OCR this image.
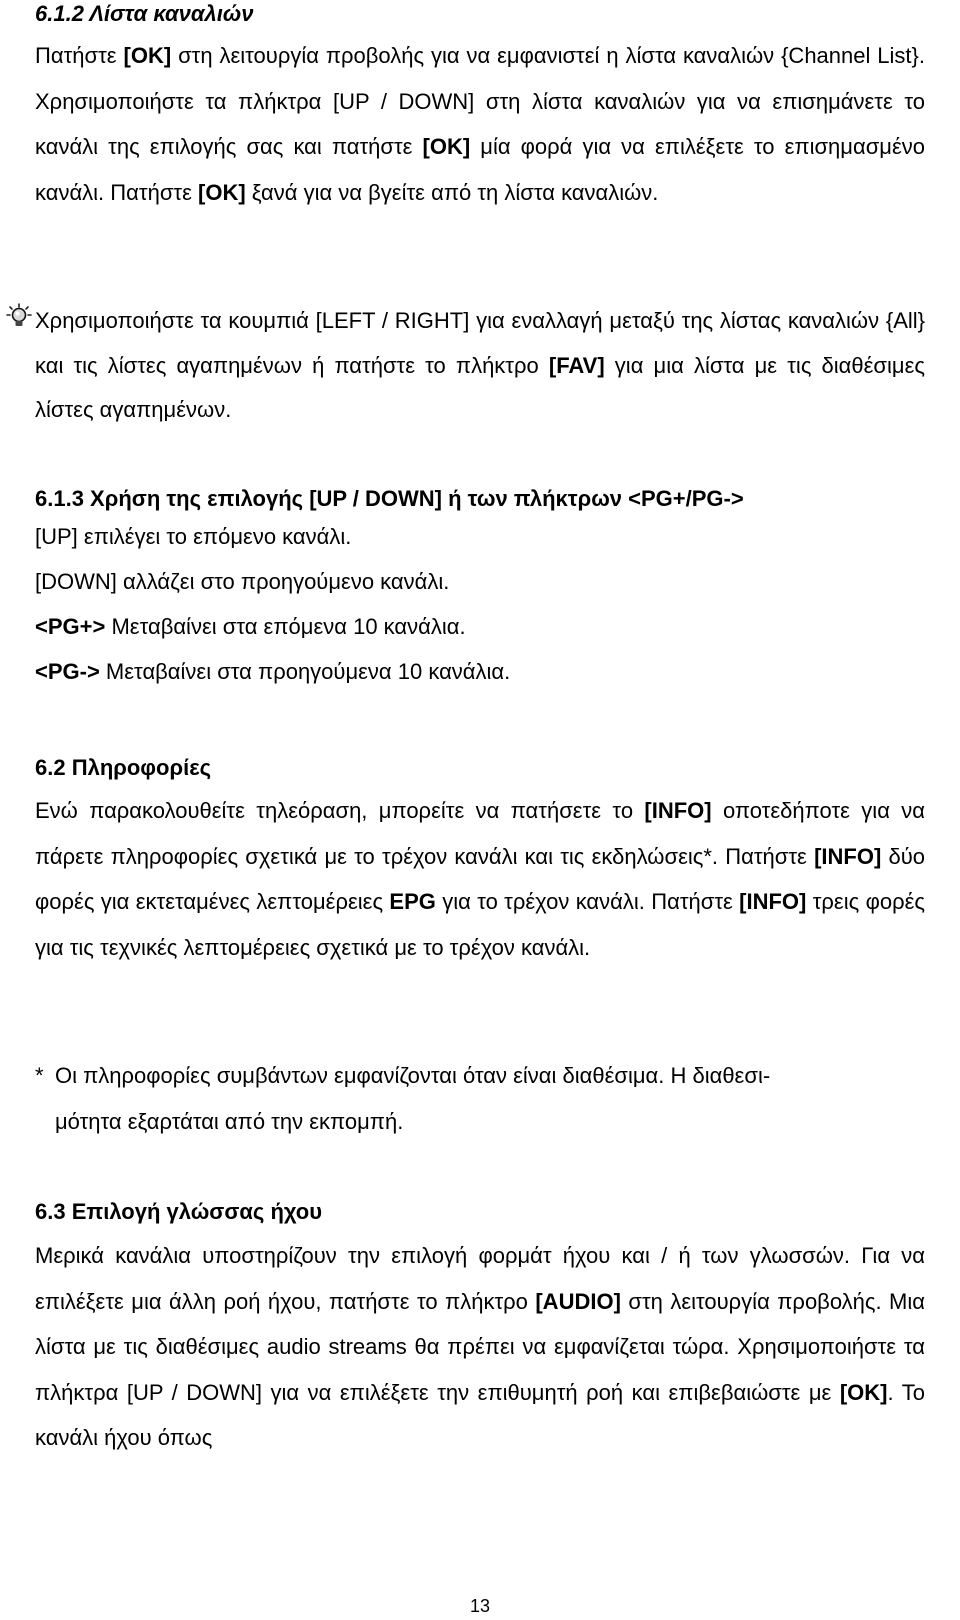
6.1.2 Λίστα καναλιών
Πατήστε [OK] στη λειτουργία προβολής για να εμφανιστεί η λίστα καναλιών {Channel List}. Χρησιμοποιήστε τα πλήκτρα [UP / DOWN] στη λίστα καναλιών για να επισημάνετε το κανάλι της επιλογής σας και πατήστε [OK] μία φορά για να επιλέξετε το επισημασμένο κανάλι. Πατήστε [OK] ξανά για να βγείτε από τη λίστα καναλιών.
Χρησιμοποιήστε τα κουμπιά [LEFT / RIGHT] για εναλλαγή μεταξύ της λίστας καναλιών {All} και τις λίστες αγαπημένων ή πατήστε το πλήκτρο [FAV] για μια λίστα με τις διαθέσιμες λίστες αγαπημένων.
6.1.3 Χρήση της επιλογής [UP / DOWN] ή των πλήκτρων <PG+/PG->
[UP] επιλέγει το επόμενο κανάλι.
[DOWN] αλλάζει στο προηγούμενο κανάλι.
<PG+> Μεταβαίνει στα επόμενα 10 κανάλια.
<PG-> Μεταβαίνει στα προηγούμενα 10 κανάλια.
6.2 Πληροφορίες
Ενώ παρακολουθείτε τηλεόραση, μπορείτε να πατήσετε το [INFO] οποτεδήποτε για να πάρετε πληροφορίες σχετικά με το τρέχον κανάλι και τις εκδηλώσεις*. Πατήστε [INFO] δύο φορές για εκτεταμένες λεπτομέρειες EPG για το τρέχον κανάλι. Πατήστε [INFO] τρεις φορές για τις τεχνικές λεπτομέρειες σχετικά με το τρέχον κανάλι.
* Οι πληροφορίες συμβάντων εμφανίζονται όταν είναι διαθέσιμα. Η διαθεσι-
μότητα εξαρτάται από την εκπομπή.
6.3 Επιλογή γλώσσας ήχου
Μερικά κανάλια υποστηρίζουν την επιλογή φορμάτ ήχου και / ή των γλωσσών. Για να επιλέξετε μια άλλη ροή ήχου, πατήστε το πλήκτρο [AUDIO] στη λειτουργία προβολής. Μια λίστα με τις διαθέσιμες audio streams θα πρέπει να εμφανίζεται τώρα. Χρησιμοποιήστε τα πλήκτρα [UP / DOWN] για να επιλέξετε την επιθυμητή ροή και επιβεβαιώστε με [OK]. Το κανάλι ήχου όπως
13
